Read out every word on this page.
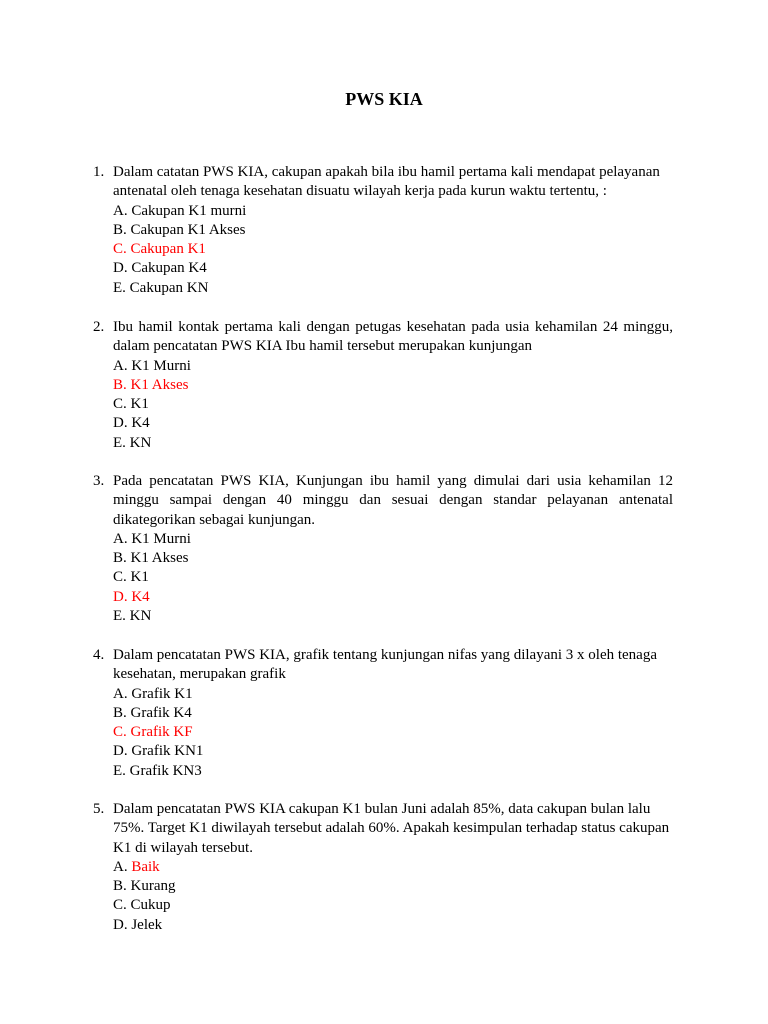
PWS KIA
1. Dalam catatan PWS KIA, cakupan apakah bila ibu hamil pertama kali mendapat pelayanan antenatal oleh tenaga kesehatan disuatu wilayah kerja pada kurun waktu tertentu, :
A. Cakupan K1 murni
B. Cakupan K1 Akses
C. Cakupan K1
D. Cakupan K4
E. Cakupan KN
2. Ibu hamil kontak pertama kali dengan petugas kesehatan pada usia kehamilan 24 minggu, dalam pencatatan PWS KIA Ibu hamil tersebut merupakan kunjungan
A. K1 Murni
B. K1 Akses
C. K1
D. K4
E. KN
3. Pada pencatatan PWS KIA, Kunjungan ibu hamil yang dimulai dari usia kehamilan 12 minggu sampai dengan 40 minggu dan sesuai dengan standar pelayanan antenatal dikategorikan sebagai kunjungan.
A. K1 Murni
B. K1 Akses
C. K1
D. K4
E. KN
4. Dalam pencatatan PWS KIA, grafik tentang kunjungan nifas yang dilayani 3 x oleh tenaga kesehatan, merupakan grafik
A. Grafik K1
B. Grafik K4
C. Grafik KF
D. Grafik KN1
E. Grafik KN3
5. Dalam pencatatan PWS KIA cakupan K1 bulan Juni adalah 85%, data cakupan bulan lalu 75%. Target K1 diwilayah tersebut adalah 60%. Apakah kesimpulan terhadap status cakupan K1 di wilayah tersebut.
A. Baik
B. Kurang
C. Cukup
D. Jelek
